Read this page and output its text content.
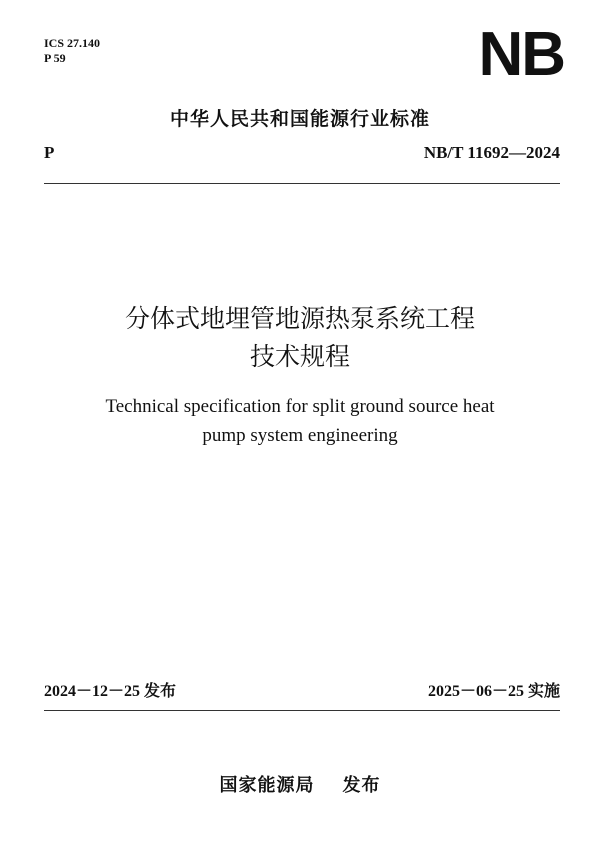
ICS 27.140
P 59	NB
中华人民共和国能源行业标准
P	NB/T 11692—2024
分体式地埋管地源热泵系统工程
技术规程
Technical specification for split ground source heat
pump system engineering
2024－12－25 发布	2025－06－25 实施
国家能源局 发布
